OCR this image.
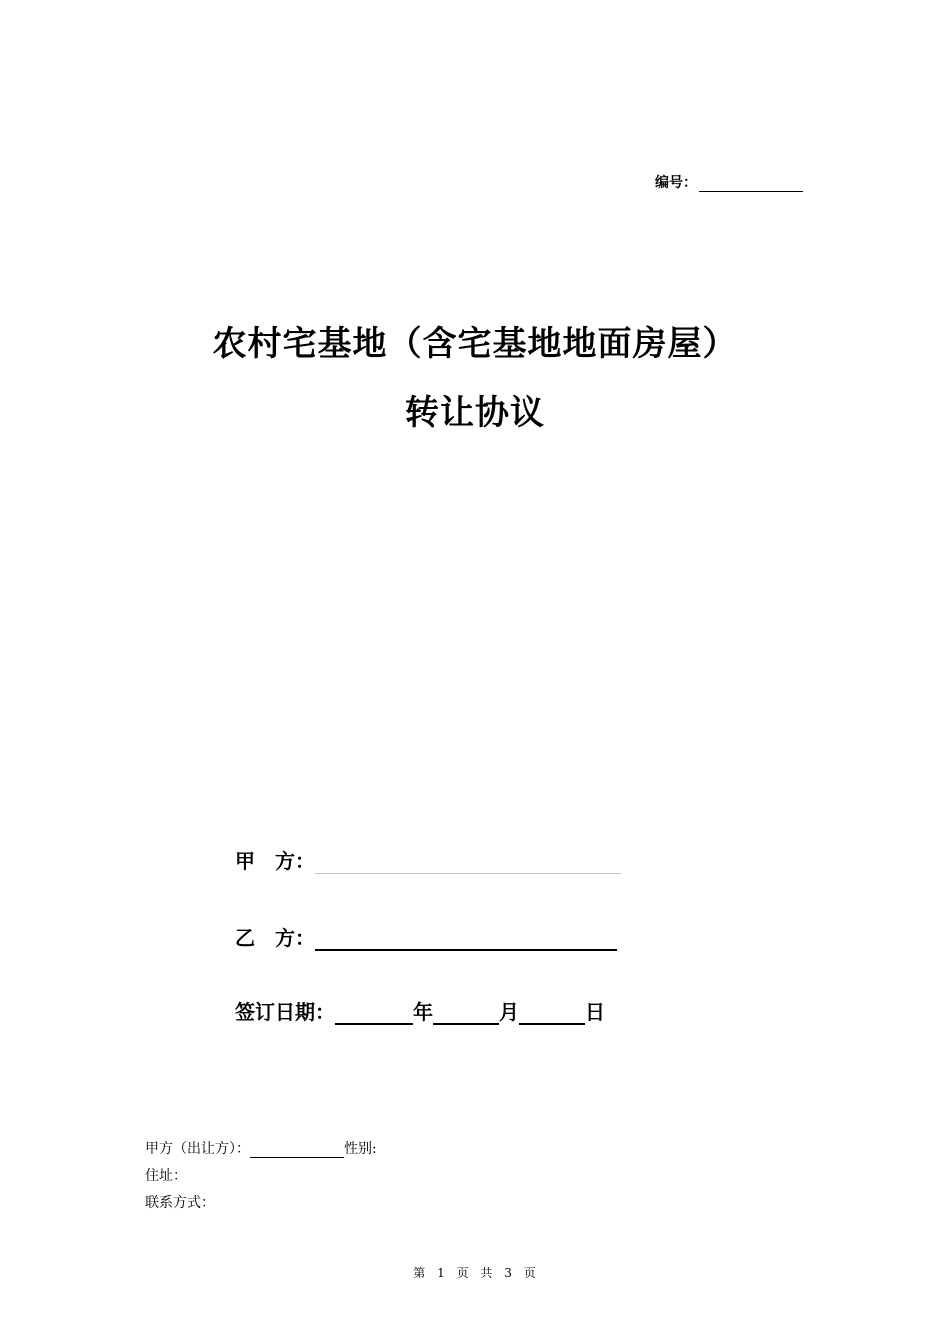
编号：
农村宅基地（含宅基地地面房屋）
转让协议
甲　方：
乙　方：
签订日期：	年	月	日
甲方（出让方）：	性别:
住址：
联系方式：
第 1 页 共 3 页
